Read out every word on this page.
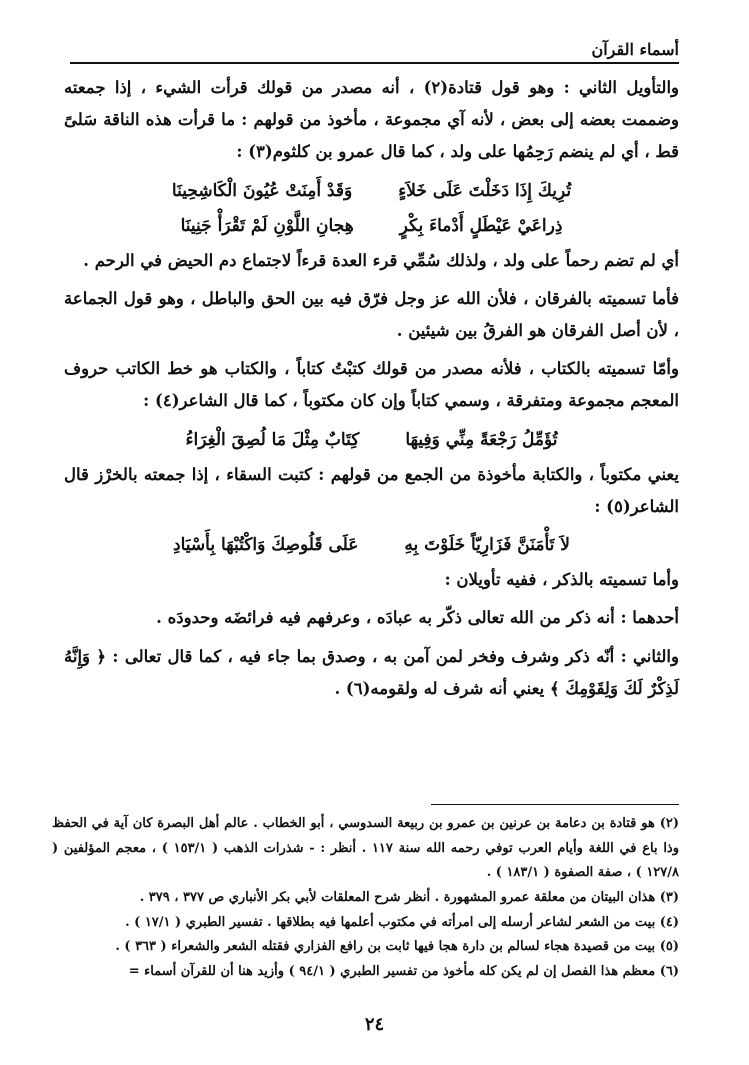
أسماء القرآن

والتأويل الثاني : وهو قول قتادة(٢) ، أنه مصدر من قولك قرأت الشيء ، إذا جمعته وضممت بعضه إلى بعض ، لأنه آي مجموعة ، مأخوذ من قولهم : ما قرأت هذه الناقة سَلىً قط ، أي لم ينضم رَحِمُها على ولد ، كما قال عمرو بن كلثوم(٣) :

تُرِيكَ إِذَا دَخَلْتَ عَلَى خَلاَءٍ
وَقَدْ أَمِنَتْ عُيُونَ الْكَاشِحِينَا
ذِراعَيْ عَيْطَلٍ أَدْماءَ بِكْرٍ
هِجانِ اللَّوْنِ لَمْ تَقْرَأْ جَنِينَا

أي لم تضم رحماً على ولد ، ولذلك سُمِّي قرء العدة قرءاً لاجتماع دم الحيض في الرحم .

فأما تسميته بالفرقان ، فلأن الله عز وجل فرّق فيه بين الحق والباطل ، وهو قول الجماعة ، لأن أصل الفرقان هو الفرقُ بين شيئين .

وأمّا تسميته بالكتاب ، فلأنه مصدر من قولك كتبْتُ كتاباً ، والكتاب هو خط الكاتب حروف المعجم مجموعة ومتفرقة ، وسمي كتاباً وإن كان مكتوباً ، كما قال الشاعر(٤) :

تُؤَمِّلُ رَجْعَةً مِنِّي وَفِيهَا
كِتَابٌ مِثْلَ مَا لُصِقَ الْغِرَاءُ

يعني مكتوباً ، والكتابة مأخوذة من الجمع من قولهم : كتبت السقاء ، إذا جمعته بالخرْز قال الشاعر(٥) :

لاَ تَأْمَنَنَّ فَزَارِيّاً خَلَوْتَ بِهِ
عَلَى قَلُوصِكَ وَاكْتُبْهَا بِأَسْيَادِ

وأما تسميته بالذكر ، ففيه تأويلان :

أحدهما : أنه ذكر من الله تعالى ذكّر به عبادَه ، وعرفهم فيه فرائضَه وحدودَه .

والثاني : أنّه ذكر وشرف وفخر لمن آمن به ، وصدق بما جاء فيه ، كما قال تعالى : ﴿ وَإِنَّهُ لَذِكْرٌ لَكَ وَلِقَوْمِكَ ﴾ يعني أنه شرف له ولقومه(٦) .

(٢) هو قتادة بن دعامة بن عرنين بن عمرو بن ربيعة السدوسي ، أبو الخطاب . عالم أهل البصرة كان آية في الحفظ وذا باع في اللغة وأيام العرب توفي رحمه الله سنة ١١٧ . أنظر : - شذرات الذهب ( ١٥٣/١ ) ، معجم المؤلفين ( ١٢٧/٨ ) ، صفة الصفوة ( ١٨٣/١ ) .

(٣) هذان البيتان من معلقة عمرو المشهورة . أنظر شرح المعلقات لأبي بكر الأنباري ص ٣٧٧ ، ٣٧٩ .

(٤) بيت من الشعر لشاعر أرسله إلى امرأته في مكتوب أعلمها فيه بطلاقها . تفسير الطبري ( ١٧/١ ) .

(٥) بيت من قصيدة هجاء لسالم بن دارة هجا فيها ثابت بن رافع الفزاري فقتله الشعر والشعراء ( ٣٦٣ ) .

(٦) معظم هذا الفصل إن لم يكن كله مأخوذ من تفسير الطبري ( ٩٤/١ ) وأزيد هنا أن للقرآن أسماء =

٢٤
